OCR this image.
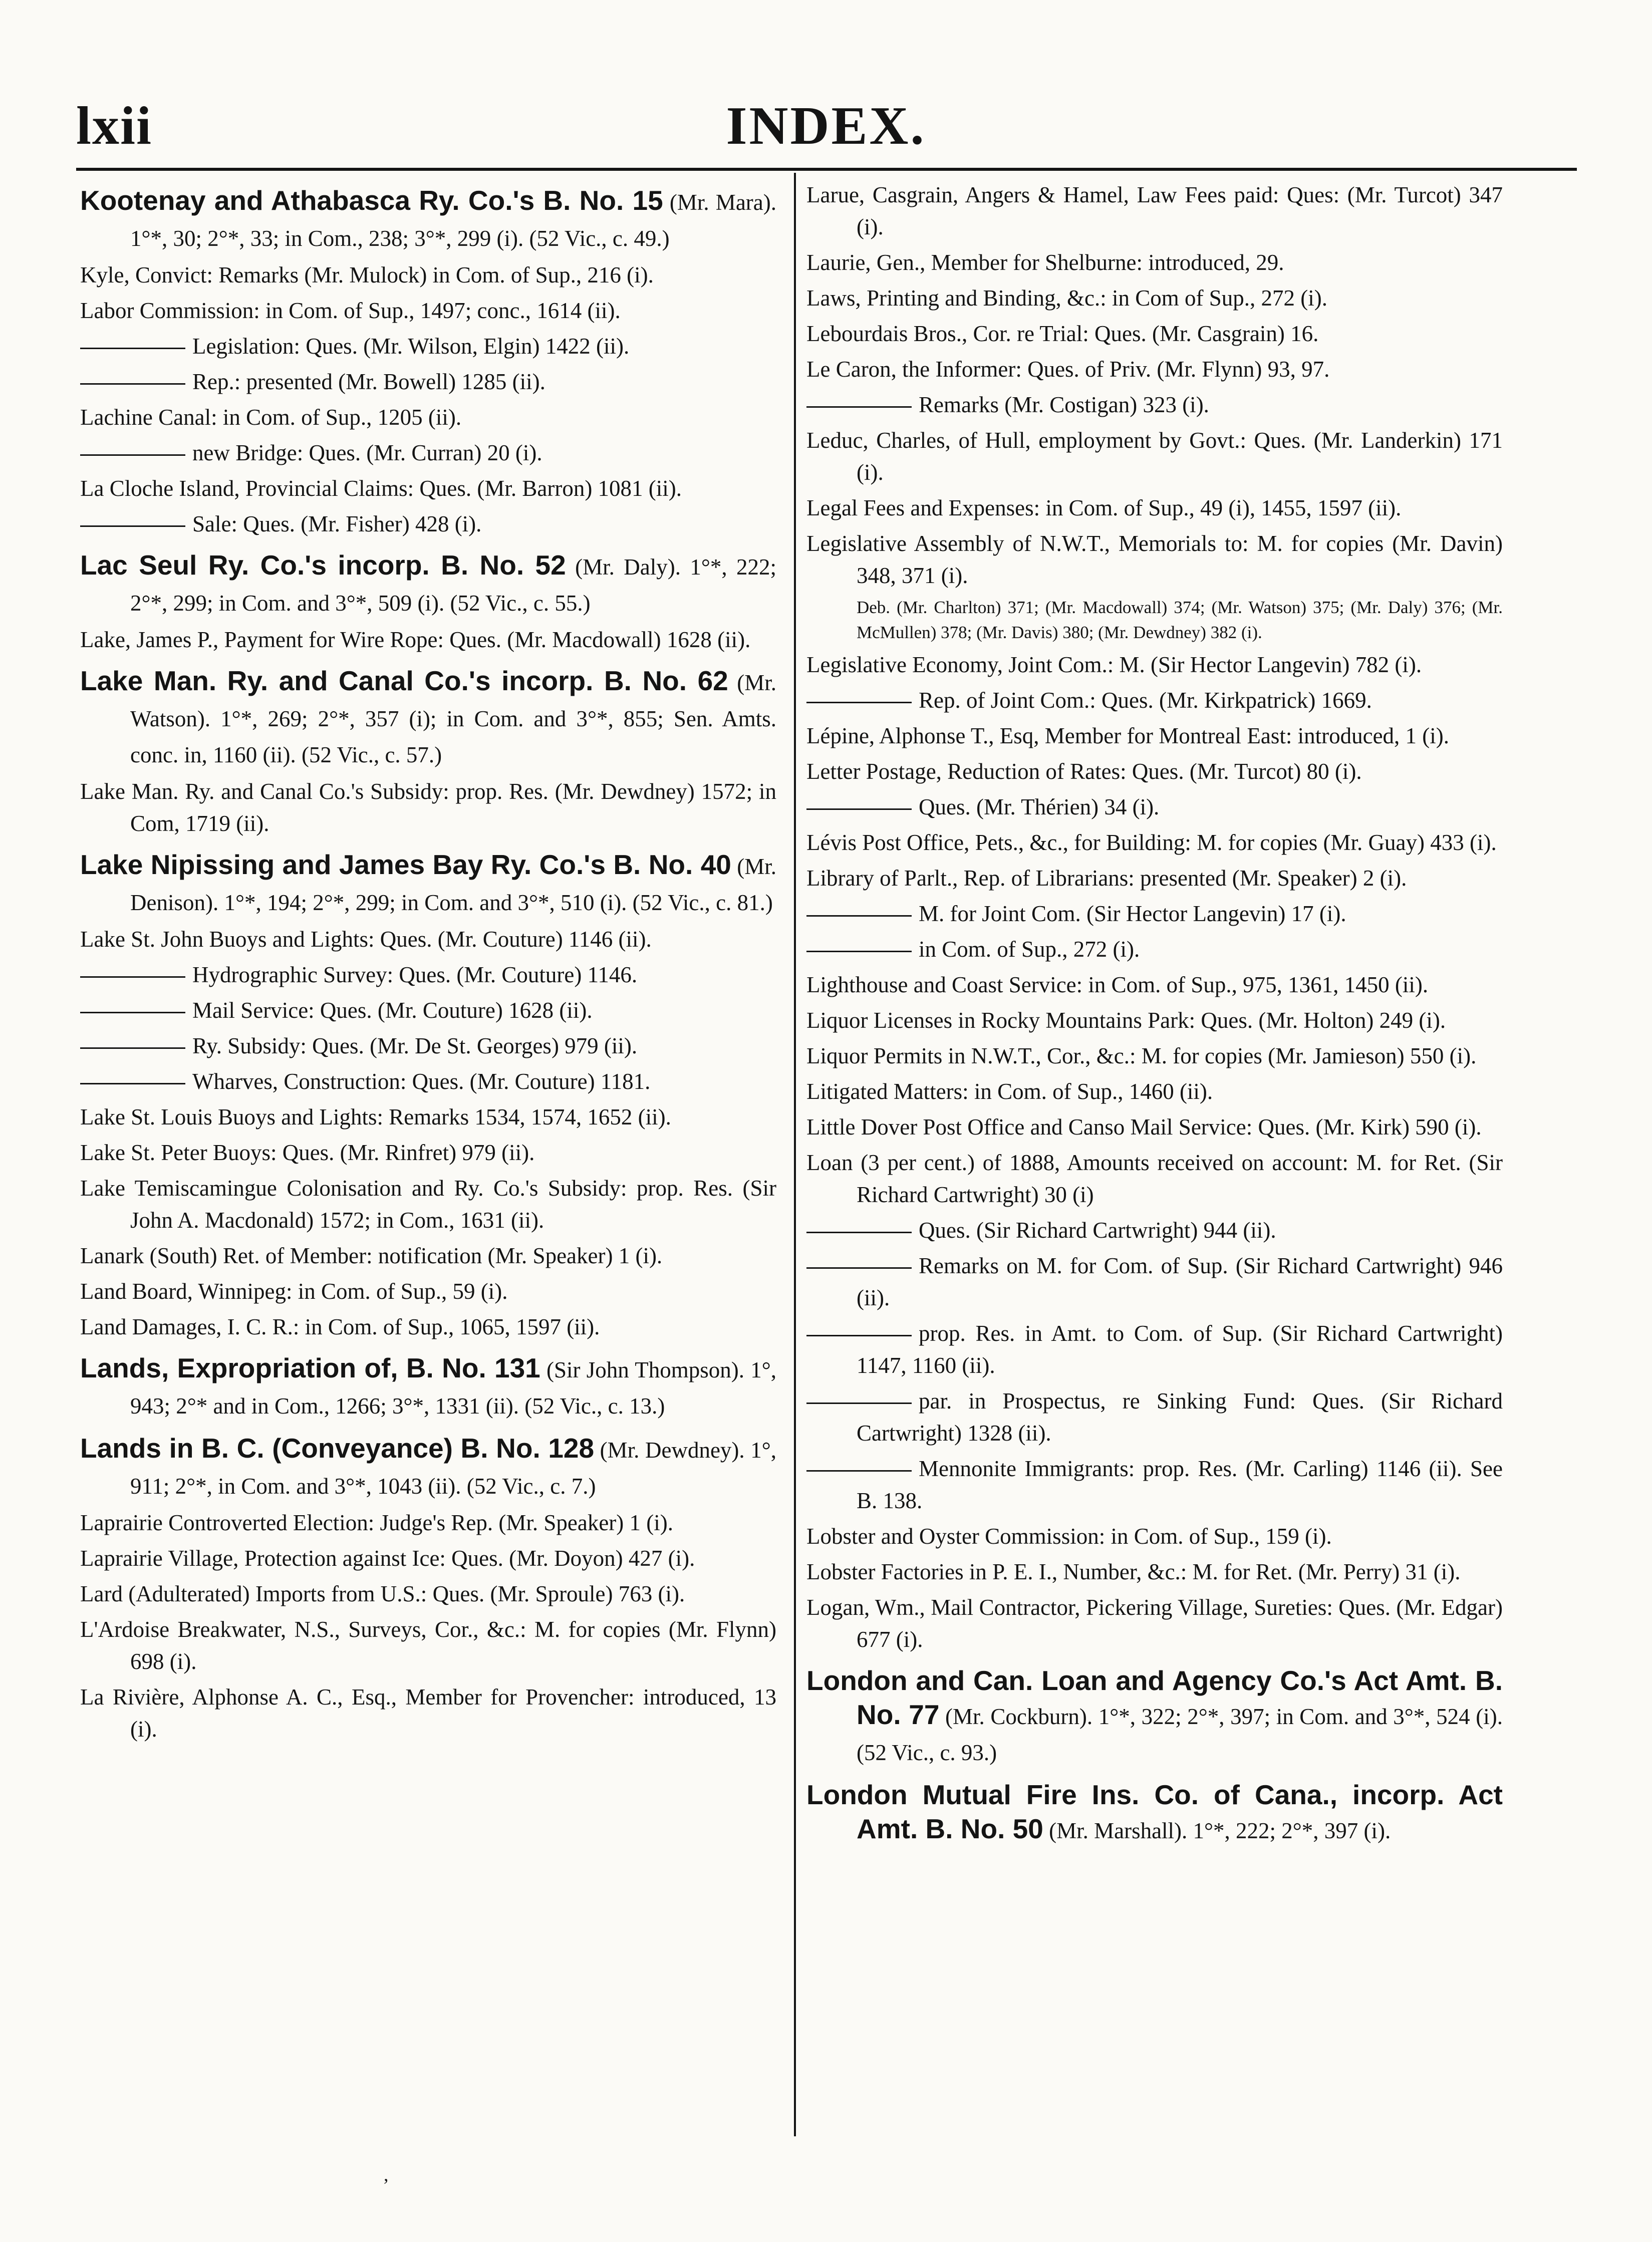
lxii	INDEX.
Kootenay and Athabasca Ry. Co.'s B. No. 15 (Mr. Mara). 1°*, 30; 2°*, 33; in Com., 238; 3°*, 299 (i). (52 Vic., c. 49.)
Kyle, Convict: Remarks (Mr. Mulock) in Com. of Sup., 216 (i).
Labor Commission: in Com. of Sup., 1497; conc., 1614 (ii).
Legislation: Ques. (Mr. Wilson, Elgin) 1422 (ii).
Rep.: presented (Mr. Bowell) 1285 (ii).
Lachine Canal: in Com. of Sup., 1205 (ii).
new Bridge: Ques. (Mr. Curran) 20 (i).
La Cloche Island, Provincial Claims: Ques. (Mr. Barron) 1081 (ii).
Sale: Ques. (Mr. Fisher) 428 (i).
Lac Seul Ry. Co.'s incorp. B. No. 52 (Mr. Daly). 1°*, 222; 2°*, 299; in Com. and 3°*, 509 (i). (52 Vic., c. 55.)
Lake, James P., Payment for Wire Rope: Ques. (Mr. Macdowall) 1628 (ii).
Lake Man. Ry. and Canal Co.'s incorp. B. No. 62 (Mr. Watson). 1°*, 269; 2°*, 357 (i); in Com. and 3°*, 855; Sen. Amts. conc. in, 1160 (ii). (52 Vic., c. 57.)
Lake Man. Ry. and Canal Co.'s Subsidy: prop. Res. (Mr. Dewdney) 1572; in Com, 1719 (ii).
Lake Nipissing and James Bay Ry. Co.'s B. No. 40 (Mr. Denison). 1°*, 194; 2°*, 299; in Com. and 3°*, 510 (i). (52 Vic., c. 81.)
Lake St. John Buoys and Lights: Ques. (Mr. Couture) 1146 (ii).
Hydrographic Survey: Ques. (Mr. Couture) 1146.
Mail Service: Ques. (Mr. Couture) 1628 (ii).
Ry. Subsidy: Ques. (Mr. De St. Georges) 979 (ii).
Wharves, Construction: Ques. (Mr. Couture) 1181.
Lake St. Louis Buoys and Lights: Remarks 1534, 1574, 1652 (ii).
Lake St. Peter Buoys: Ques. (Mr. Rinfret) 979 (ii).
Lake Temiscamingue Colonisation and Ry. Co.'s Subsidy: prop. Res. (Sir John A. Macdonald) 1572; in Com., 1631 (ii).
Lanark (South) Ret. of Member: notification (Mr. Speaker) 1 (i).
Land Board, Winnipeg: in Com. of Sup., 59 (i).
Land Damages, I. C. R.: in Com. of Sup., 1065, 1597 (ii).
Lands, Expropriation of, B. No. 131 (Sir John Thompson). 1°, 943; 2°* and in Com., 1266; 3°*, 1331 (ii). (52 Vic., c. 13.)
Lands in B. C. (Conveyance) B. No. 128 (Mr. Dewdney). 1°, 911; 2°*, in Com. and 3°*, 1043 (ii). (52 Vic., c. 7.)
Laprairie Controverted Election: Judge's Rep. (Mr. Speaker) 1 (i).
Laprairie Village, Protection against Ice: Ques. (Mr. Doyon) 427 (i).
Lard (Adulterated) Imports from U.S.: Ques. (Mr. Sproule) 763 (i).
L'Ardoise Breakwater, N.S., Surveys, Cor., &c.: M. for copies (Mr. Flynn) 698 (i).
La Rivière, Alphonse A. C., Esq., Member for Provencher: introduced, 13 (i).
Larue, Casgrain, Angers & Hamel, Law Fees paid: Ques: (Mr. Turcot) 347 (i).
Laurie, Gen., Member for Shelburne: introduced, 29.
Laws, Printing and Binding, &c.: in Com of Sup., 272 (i).
Lebourdais Bros., Cor. re Trial: Ques. (Mr. Casgrain) 16.
Le Caron, the Informer: Ques. of Priv. (Mr. Flynn) 93, 97.
Remarks (Mr. Costigan) 323 (i).
Leduc, Charles, of Hull, employment by Govt.: Ques. (Mr. Landerkin) 171 (i).
Legal Fees and Expenses: in Com. of Sup., 49 (i), 1455, 1597 (ii).
Legislative Assembly of N.W.T., Memorials to: M. for copies (Mr. Davin) 348, 371 (i).
Deb. (Mr. Charlton) 371; (Mr. Macdowall) 374; (Mr. Watson) 375; (Mr. Daly) 376; (Mr. McMullen) 378; (Mr. Davis) 380; (Mr. Dewdney) 382 (i).
Legislative Economy, Joint Com.: M. (Sir Hector Langevin) 782 (i).
Rep. of Joint Com.: Ques. (Mr. Kirkpatrick) 1669.
Lépine, Alphonse T., Esq, Member for Montreal East: introduced, 1 (i).
Letter Postage, Reduction of Rates: Ques. (Mr. Turcot) 80 (i).
Ques. (Mr. Thérien) 34 (i).
Lévis Post Office, Pets., &c., for Building: M. for copies (Mr. Guay) 433 (i).
Library of Parlt., Rep. of Librarians: presented (Mr. Speaker) 2 (i).
M. for Joint Com. (Sir Hector Langevin) 17 (i).
in Com. of Sup., 272 (i).
Lighthouse and Coast Service: in Com. of Sup., 975, 1361, 1450 (ii).
Liquor Licenses in Rocky Mountains Park: Ques. (Mr. Holton) 249 (i).
Liquor Permits in N.W.T., Cor., &c.: M. for copies (Mr. Jamieson) 550 (i).
Litigated Matters: in Com. of Sup., 1460 (ii).
Little Dover Post Office and Canso Mail Service: Ques. (Mr. Kirk) 590 (i).
Loan (3 per cent.) of 1888, Amounts received on account: M. for Ret. (Sir Richard Cartwright) 30 (i)
Ques. (Sir Richard Cartwright) 944 (ii).
Remarks on M. for Com. of Sup. (Sir Richard Cartwright) 946 (ii).
prop. Res. in Amt. to Com. of Sup. (Sir Richard Cartwright) 1147, 1160 (ii).
par. in Prospectus, re Sinking Fund: Ques. (Sir Richard Cartwright) 1328 (ii).
Mennonite Immigrants: prop. Res. (Mr. Carling) 1146 (ii). See B. 138.
Lobster and Oyster Commission: in Com. of Sup., 159 (i).
Lobster Factories in P. E. I., Number, &c.: M. for Ret. (Mr. Perry) 31 (i).
Logan, Wm., Mail Contractor, Pickering Village, Sureties: Ques. (Mr. Edgar) 677 (i).
London and Can. Loan and Agency Co.'s Act Amt. B. No. 77 (Mr. Cockburn). 1°*, 322; 2°*, 397; in Com. and 3°*, 524 (i). (52 Vic., c. 93.)
London Mutual Fire Ins. Co. of Cana., incorp. Act Amt. B. No. 50 (Mr. Marshall). 1°*, 222; 2°*, 397 (i).
,
